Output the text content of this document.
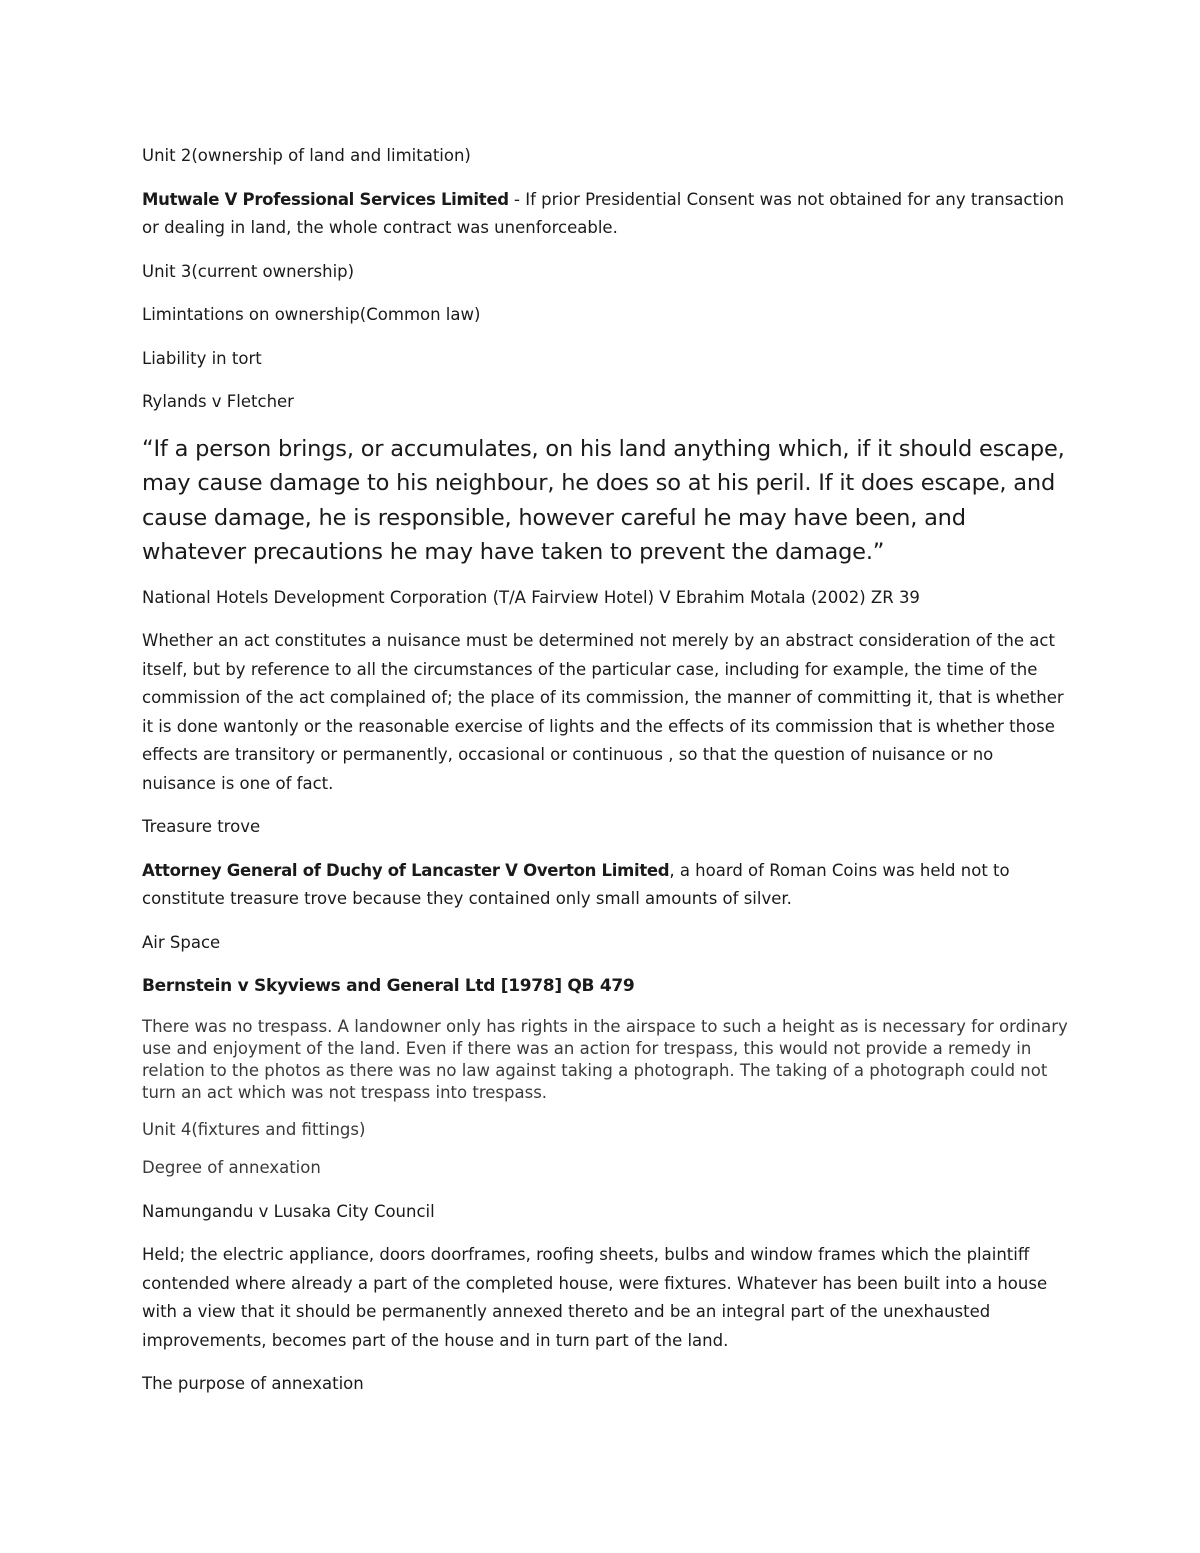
Unit 2(ownership of land and limitation)

Mutwale V Professional Services Limited - If prior Presidential Consent was not obtained for any transaction or dealing in land, the whole contract was unenforceable.

Unit 3(current ownership)

Limintations on ownership(Common law)

Liability in tort

Rylands v Fletcher

“If a person brings, or accumulates, on his land anything which, if it should escape, may cause damage to his neighbour, he does so at his peril. If it does escape, and cause damage, he is responsible, however careful he may have been, and whatever precautions he may have taken to prevent the damage.”

National Hotels Development Corporation (T/A Fairview Hotel) V Ebrahim Motala (2002) ZR 39

Whether an act constitutes a nuisance must be determined not merely by an abstract consideration of the act itself, but by reference to all the circumstances of the particular case, including for example, the time of the commission of the act complained of; the place of its commission, the manner of committing it, that is whether it is done wantonly or the reasonable exercise of lights and the effects of its commission that is whether those effects are transitory or permanently, occasional or continuous , so that the question of nuisance or no nuisance is one of fact.

Treasure trove

Attorney General of Duchy of Lancaster V Overton Limited, a hoard of Roman Coins was held not to constitute treasure trove because they contained only small amounts of silver.

Air Space

Bernstein v Skyviews and General Ltd [1978] QB 479

There was no trespass. A landowner only has rights in the airspace to such a height as is necessary for ordinary use and enjoyment of the land. Even if there was an action for trespass, this would not provide a remedy in relation to the photos as there was no law against taking a photograph. The taking of a photograph could not turn an act which was not trespass into trespass.

Unit 4(fixtures and fittings)

Degree of annexation

Namungandu v Lusaka City Council

Held; the electric appliance, doors doorframes, roofing sheets, bulbs and window frames which the plaintiff contended where already a part of the completed house, were fixtures. Whatever has been built into a house with a view that it should be permanently annexed thereto and be an integral part of the unexhausted improvements, becomes part of the house and in turn part of the land.

The purpose of annexation
